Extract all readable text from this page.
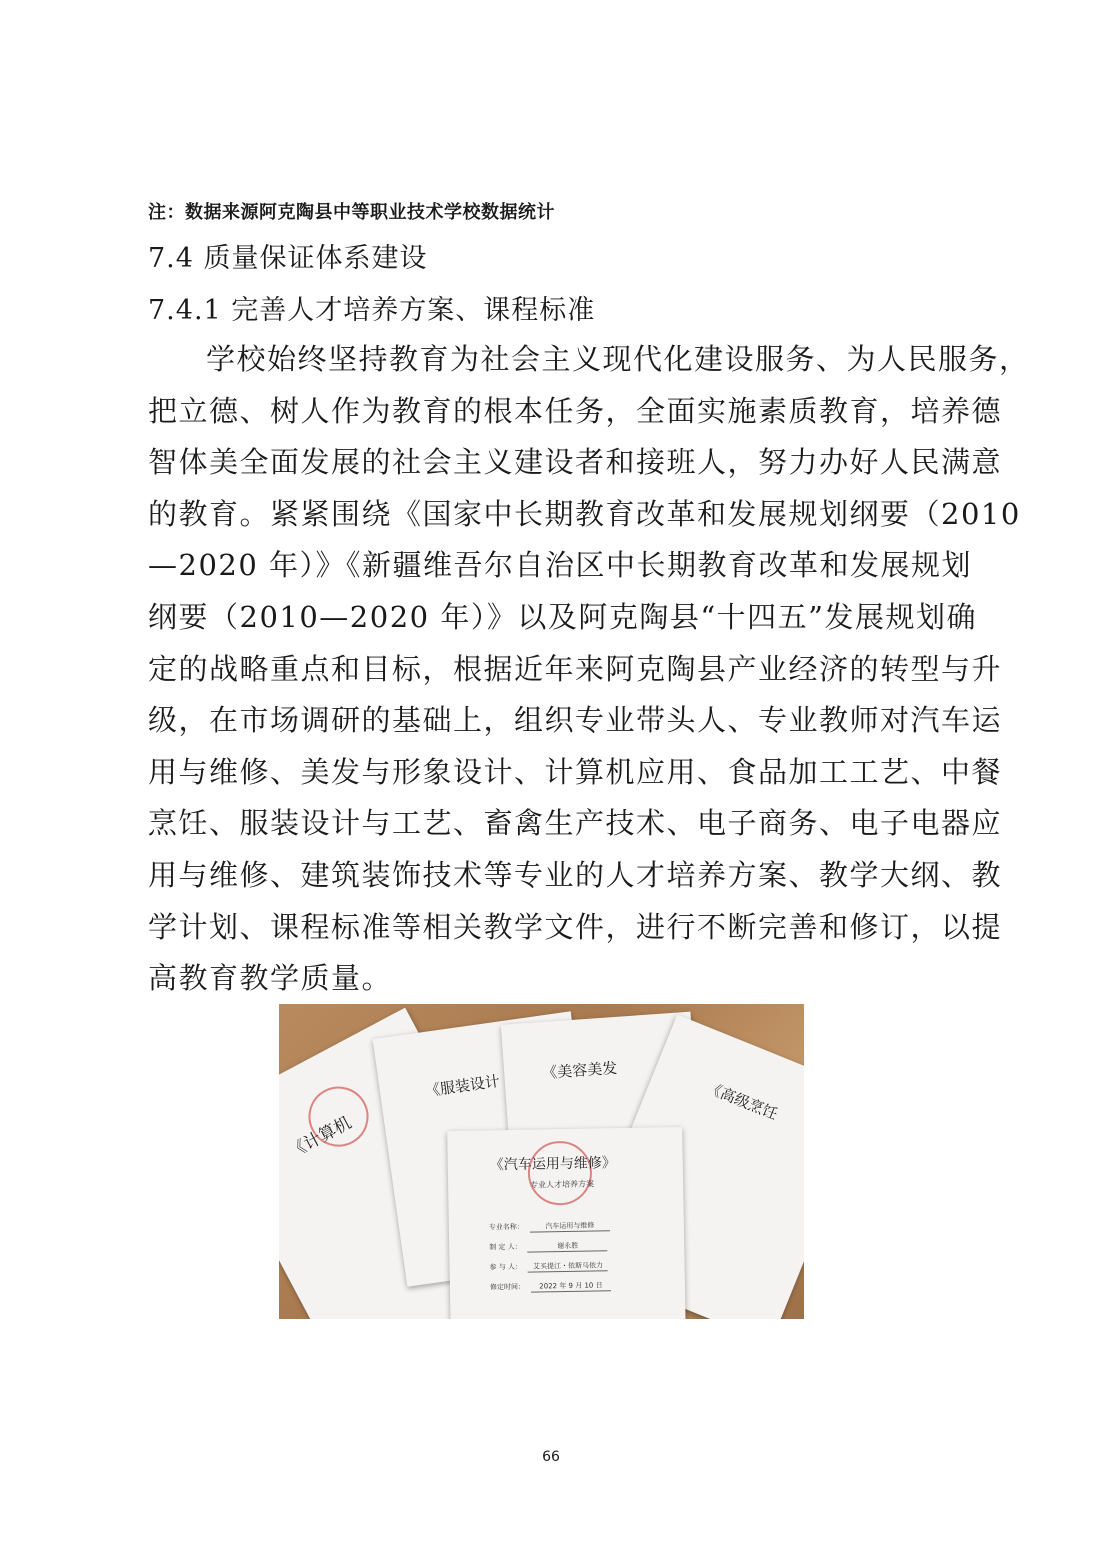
注：数据来源阿克陶县中等职业技术学校数据统计
7.4 质量保证体系建设
7.4.1 完善人才培养方案、课程标准
学校始终坚持教育为社会主义现代化建设服务、为人民服务，
把立德、树人作为教育的根本任务，全面实施素质教育，培养德
智体美全面发展的社会主义建设者和接班人，努力办好人民满意
的教育。紧紧围绕《国家中长期教育改革和发展规划纲要（2010
—2020 年）》《新疆维吾尔自治区中长期教育改革和发展规划
纲要（2010—2020 年）》以及阿克陶县“十四五”发展规划确
定的战略重点和目标，根据近年来阿克陶县产业经济的转型与升
级，在市场调研的基础上，组织专业带头人、专业教师对汽车运
用与维修、美发与形象设计、计算机应用、食品加工工艺、中餐
烹饪、服装设计与工艺、畜禽生产技术、电子商务、电子电器应
用与维修、建筑装饰技术等专业的人才培养方案、教学大纲、教
学计划、课程标准等相关教学文件，进行不断完善和修订，以提
高教育教学质量。
《计算机
《服装设计
《美容美发
《高级烹饪
《汽车运用与维修》
专业人才培养方案
专业名称：	汽车运用与维修
制 定 人：	谢永胜
参 与 人： 艾买提江・依斯马依力
修定时间： 2022 年 9 月 10 日
66
